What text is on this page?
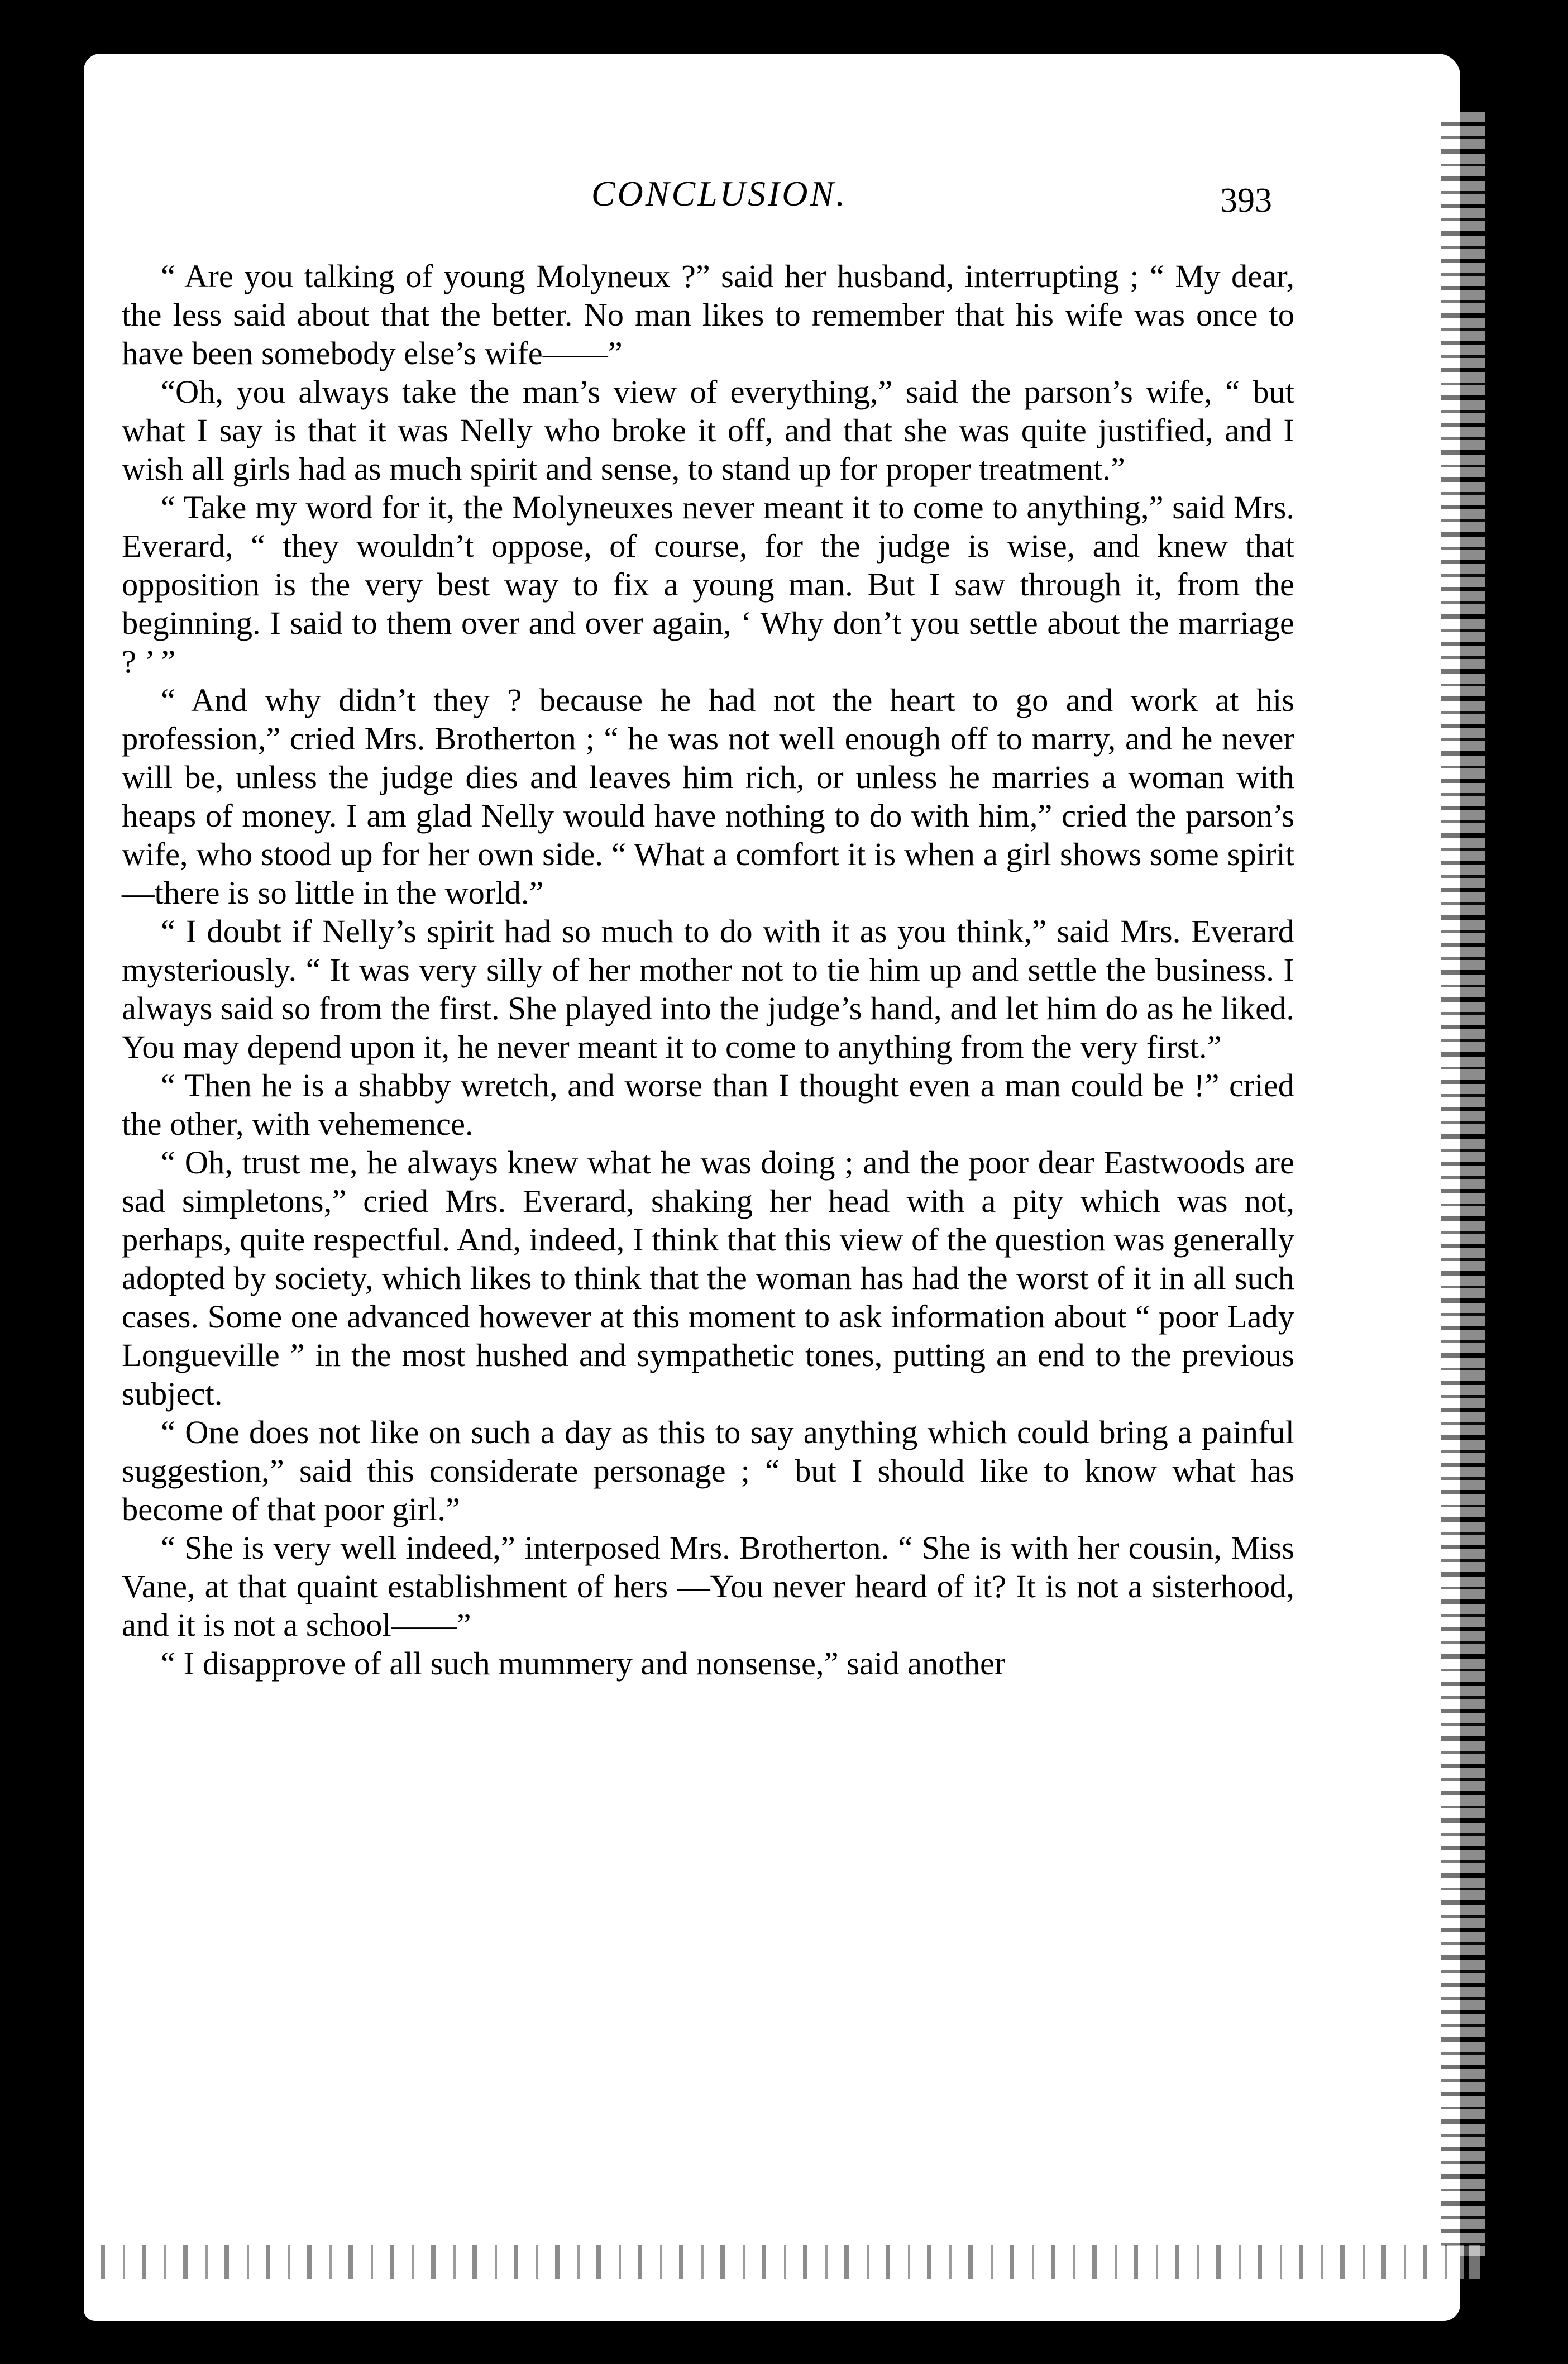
CONCLUSION.	393

“ Are you talking of young Molyneux ?” said her husband, interrupting ; “ My dear, the less said about that the better. No man likes to remember that his wife was once to have been somebody else’s wife——”

“Oh, you always take the man’s view of everything,” said the parson’s wife, “ but what I say is that it was Nelly who broke it off, and that she was quite justified, and I wish all girls had as much spirit and sense, to stand up for proper treatment.”

“ Take my word for it, the Molyneuxes never meant it to come to anything,” said Mrs. Everard, “ they wouldn’t oppose, of course, for the judge is wise, and knew that opposition is the very best way to fix a young man. But I saw through it, from the beginning. I said to them over and over again, ‘ Why don’t you settle about the marriage ? ’ ”

“ And why didn’t they ? because he had not the heart to go and work at his profession,” cried Mrs. Brotherton ; “ he was not well enough off to marry, and he never will be, unless the judge dies and leaves him rich, or unless he marries a woman with heaps of money. I am glad Nelly would have nothing to do with him,” cried the parson’s wife, who stood up for her own side. “ What a comfort it is when a girl shows some spirit—there is so little in the world.”

“ I doubt if Nelly’s spirit had so much to do with it as you think,” said Mrs. Everard mysteriously. “ It was very silly of her mother not to tie him up and settle the business. I always said so from the first. She played into the judge’s hand, and let him do as he liked. You may depend upon it, he never meant it to come to anything from the very first.”

“ Then he is a shabby wretch, and worse than I thought even a man could be !” cried the other, with vehemence.

“ Oh, trust me, he always knew what he was doing ; and the poor dear Eastwoods are sad simpletons,” cried Mrs. Everard, shaking her head with a pity which was not, perhaps, quite respectful. And, indeed, I think that this view of the question was generally adopted by society, which likes to think that the woman has had the worst of it in all such cases. Some one advanced however at this moment to ask information about “ poor Lady Longueville ” in the most hushed and sympathetic tones, putting an end to the previous subject.

“ One does not like on such a day as this to say anything which could bring a painful suggestion,” said this considerate personage ; “ but I should like to know what has become of that poor girl.”

“ She is very well indeed,” interposed Mrs. Brotherton. “ She is with her cousin, Miss Vane, at that quaint establishment of hers —You never heard of it? It is not a sisterhood, and it is not a school——”

“ I disapprove of all such mummery and nonsense,” said another
